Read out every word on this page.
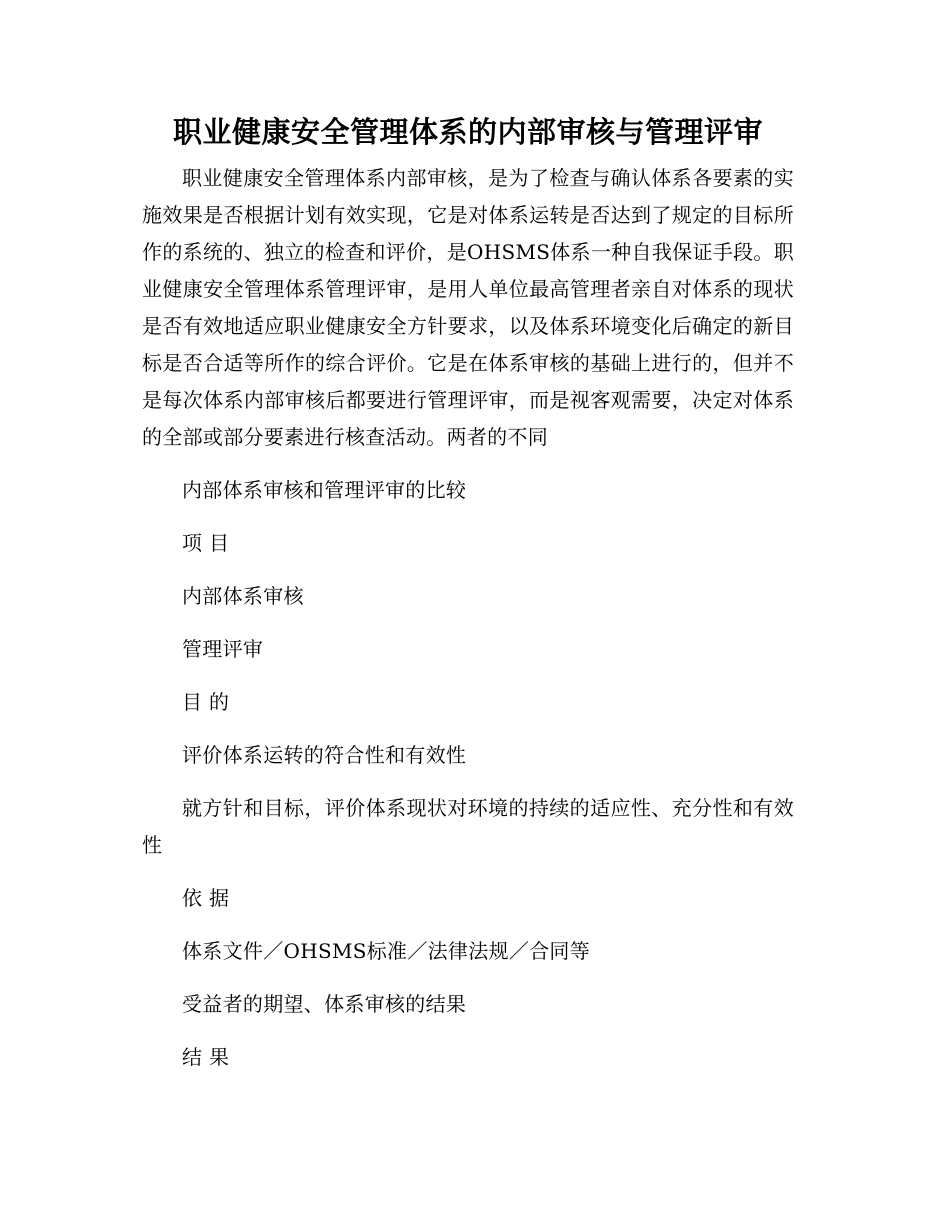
职业健康安全管理体系的内部审核与管理评审

职业健康安全管理体系内部审核，是为了检查与确认体系各要素的实施效果是否根据计划有效实现，它是对体系运转是否达到了规定的目标所作的系统的、独立的检查和评价，是OHSMS体系一种自我保证手段。职业健康安全管理体系管理评审，是用人单位最高管理者亲自对体系的现状是否有效地适应职业健康安全方针要求，以及体系环境变化后确定的新目标是否合适等所作的综合评价。它是在体系审核的基础上进行的，但并不是每次体系内部审核后都要进行管理评审，而是视客观需要，决定对体系的全部或部分要素进行核查活动。两者的不同

内部体系审核和管理评审的比较

项 目

内部体系审核

管理评审

目 的

评价体系运转的符合性和有效性

就方针和目标，评价体系现状对环境的持续的适应性、充分性和有效性

依 据

体系文件／OHSMS标准／法律法规／合同等

受益者的期望、体系审核的结果

结 果
